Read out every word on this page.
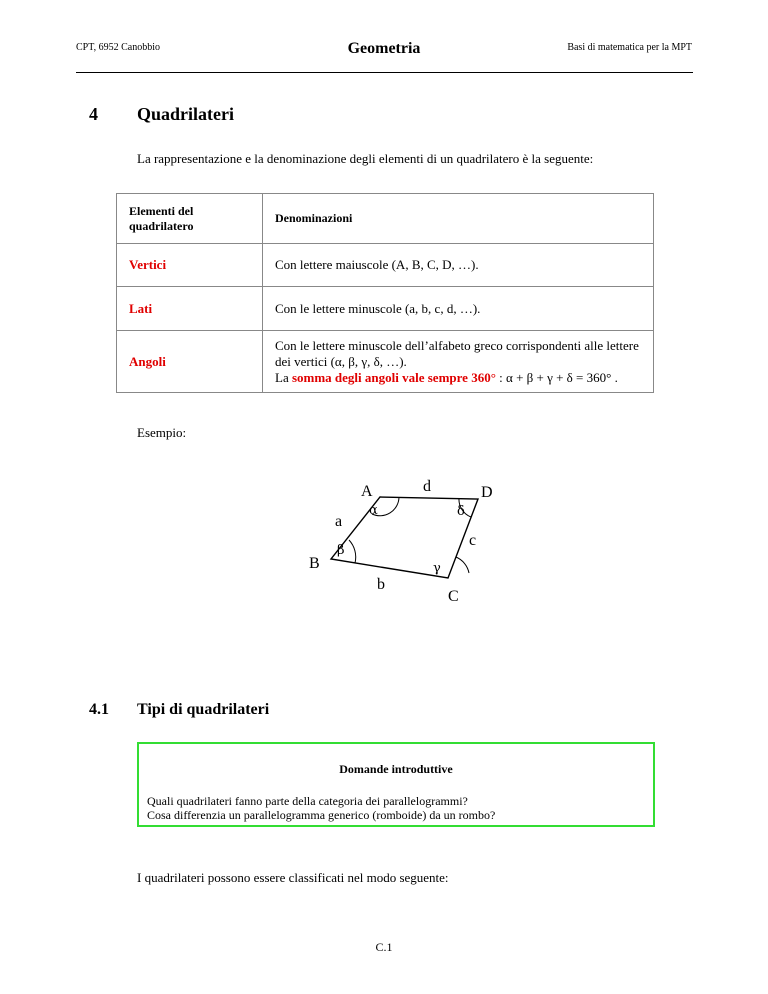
CPT, 6952 Canobbio	Geometria	Basi di matematica per la MPT
4 Quadrilateri
La rappresentazione e la denominazione degli elementi di un quadrilatero è la seguente:
Elementi del quadrilatero	Denominazioni
Vertici	Con lettere maiuscole (A, B, C, D, …).
Lati	Con le lettere minuscole (a, b, c, d, …).
Angoli	Con le lettere minuscole dell’alfabeto greco corrispondenti alle lettere dei vertici (α, β, γ, δ, …).
La somma degli angoli vale sempre 360° : α + β + γ + δ = 360° .
Esempio:
A
B
C
D
a
b
c
d
α
β
γ
δ
4.1 Tipi di quadrilateri
Domande introduttive
Quali quadrilateri fanno parte della categoria dei parallelogrammi?
Cosa differenzia un parallelogramma generico (romboide) da un rombo?
I quadrilateri possono essere classificati nel modo seguente:
C.1
